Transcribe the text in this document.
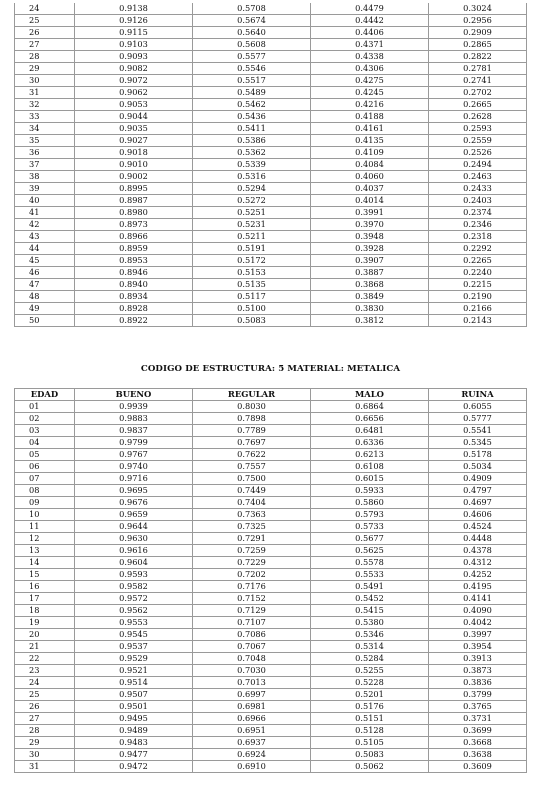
24	0.9138	0.5708	0.4479	0.3024
25	0.9126	0.5674	0.4442	0.2956
26	0.9115	0.5640	0.4406	0.2909
27	0.9103	0.5608	0.4371	0.2865
28	0.9093	0.5577	0.4338	0.2822
29	0.9082	0.5546	0.4306	0.2781
30	0.9072	0.5517	0.4275	0.2741
31	0.9062	0.5489	0.4245	0.2702
32	0.9053	0.5462	0.4216	0.2665
33	0.9044	0.5436	0.4188	0.2628
34	0.9035	0.5411	0.4161	0.2593
35	0.9027	0.5386	0.4135	0.2559
36	0.9018	0.5362	0.4109	0.2526
37	0.9010	0.5339	0.4084	0.2494
38	0.9002	0.5316	0.4060	0.2463
39	0.8995	0.5294	0.4037	0.2433
40	0.8987	0.5272	0.4014	0.2403
41	0.8980	0.5251	0.3991	0.2374
42	0.8973	0.5231	0.3970	0.2346
43	0.8966	0.5211	0.3948	0.2318
44	0.8959	0.5191	0.3928	0.2292
45	0.8953	0.5172	0.3907	0.2265
46	0.8946	0.5153	0.3887	0.2240
47	0.8940	0.5135	0.3868	0.2215
48	0.8934	0.5117	0.3849	0.2190
49	0.8928	0.5100	0.3830	0.2166
50	0.8922	0.5083	0.3812	0.2143
CODIGO DE ESTRUCTURA: 5 MATERIAL: METALICA
EDAD	BUENO	REGULAR	MALO	RUINA
01	0.9939	0.8030	0.6864	0.6055
02	0.9883	0.7898	0.6656	0.5777
03	0.9837	0.7789	0.6481	0.5541
04	0.9799	0.7697	0.6336	0.5345
05	0.9767	0.7622	0.6213	0.5178
06	0.9740	0.7557	0.6108	0.5034
07	0.9716	0.7500	0.6015	0.4909
08	0.9695	0.7449	0.5933	0.4797
09	0.9676	0.7404	0.5860	0.4697
10	0.9659	0.7363	0.5793	0.4606
11	0.9644	0.7325	0.5733	0.4524
12	0.9630	0.7291	0.5677	0.4448
13	0.9616	0.7259	0.5625	0.4378
14	0.9604	0.7229	0.5578	0.4312
15	0.9593	0.7202	0.5533	0.4252
16	0.9582	0.7176	0.5491	0.4195
17	0.9572	0.7152	0.5452	0.4141
18	0.9562	0.7129	0.5415	0.4090
19	0.9553	0.7107	0.5380	0.4042
20	0.9545	0.7086	0.5346	0.3997
21	0.9537	0.7067	0.5314	0.3954
22	0.9529	0.7048	0.5284	0.3913
23	0.9521	0.7030	0.5255	0.3873
24	0.9514	0.7013	0.5228	0.3836
25	0.9507	0.6997	0.5201	0.3799
26	0.9501	0.6981	0.5176	0.3765
27	0.9495	0.6966	0.5151	0.3731
28	0.9489	0.6951	0.5128	0.3699
29	0.9483	0.6937	0.5105	0.3668
30	0.9477	0.6924	0.5083	0.3638
31	0.9472	0.6910	0.5062	0.3609
